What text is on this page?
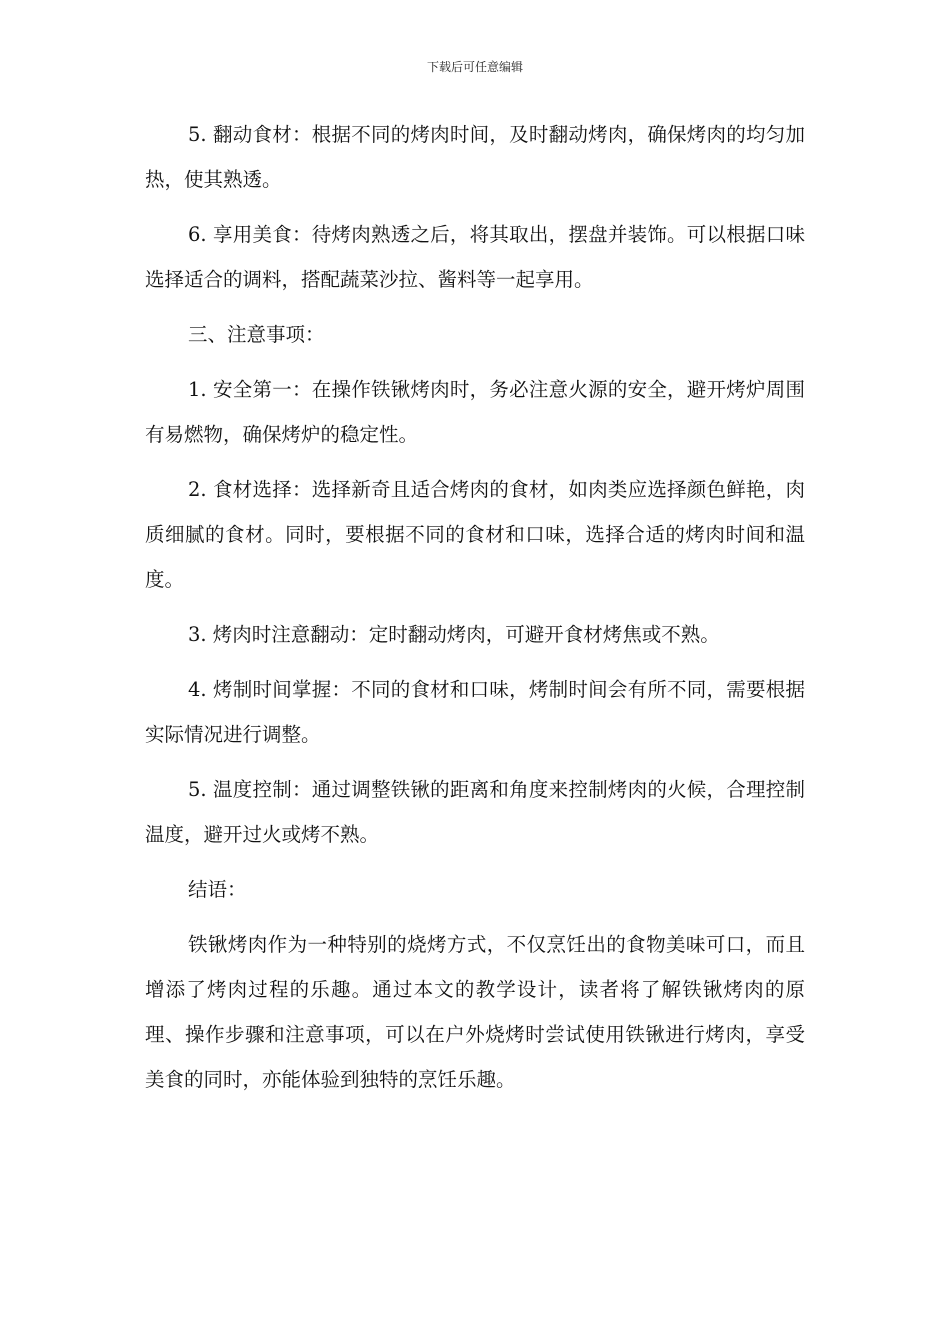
下载后可任意编辑

5. 翻动食材：根据不同的烤肉时间，及时翻动烤肉，确保烤肉的均匀加热，使其熟透。

6. 享用美食：待烤肉熟透之后，将其取出，摆盘并装饰。可以根据口味选择适合的调料，搭配蔬菜沙拉、酱料等一起享用。

三、注意事项：

1. 安全第一：在操作铁锹烤肉时，务必注意火源的安全，避开烤炉周围有易燃物，确保烤炉的稳定性。

2. 食材选择：选择新奇且适合烤肉的食材，如肉类应选择颜色鲜艳，肉质细腻的食材。同时，要根据不同的食材和口味，选择合适的烤肉时间和温度。

3. 烤肉时注意翻动：定时翻动烤肉，可避开食材烤焦或不熟。

4. 烤制时间掌握：不同的食材和口味，烤制时间会有所不同，需要根据实际情况进行调整。

5. 温度控制：通过调整铁锹的距离和角度来控制烤肉的火候，合理控制温度，避开过火或烤不熟。

结语：

铁锹烤肉作为一种特别的烧烤方式，不仅烹饪出的食物美味可口，而且增添了烤肉过程的乐趣。通过本文的教学设计，读者将了解铁锹烤肉的原理、操作步骤和注意事项，可以在户外烧烤时尝试使用铁锹进行烤肉，享受美食的同时，亦能体验到独特的烹饪乐趣。
